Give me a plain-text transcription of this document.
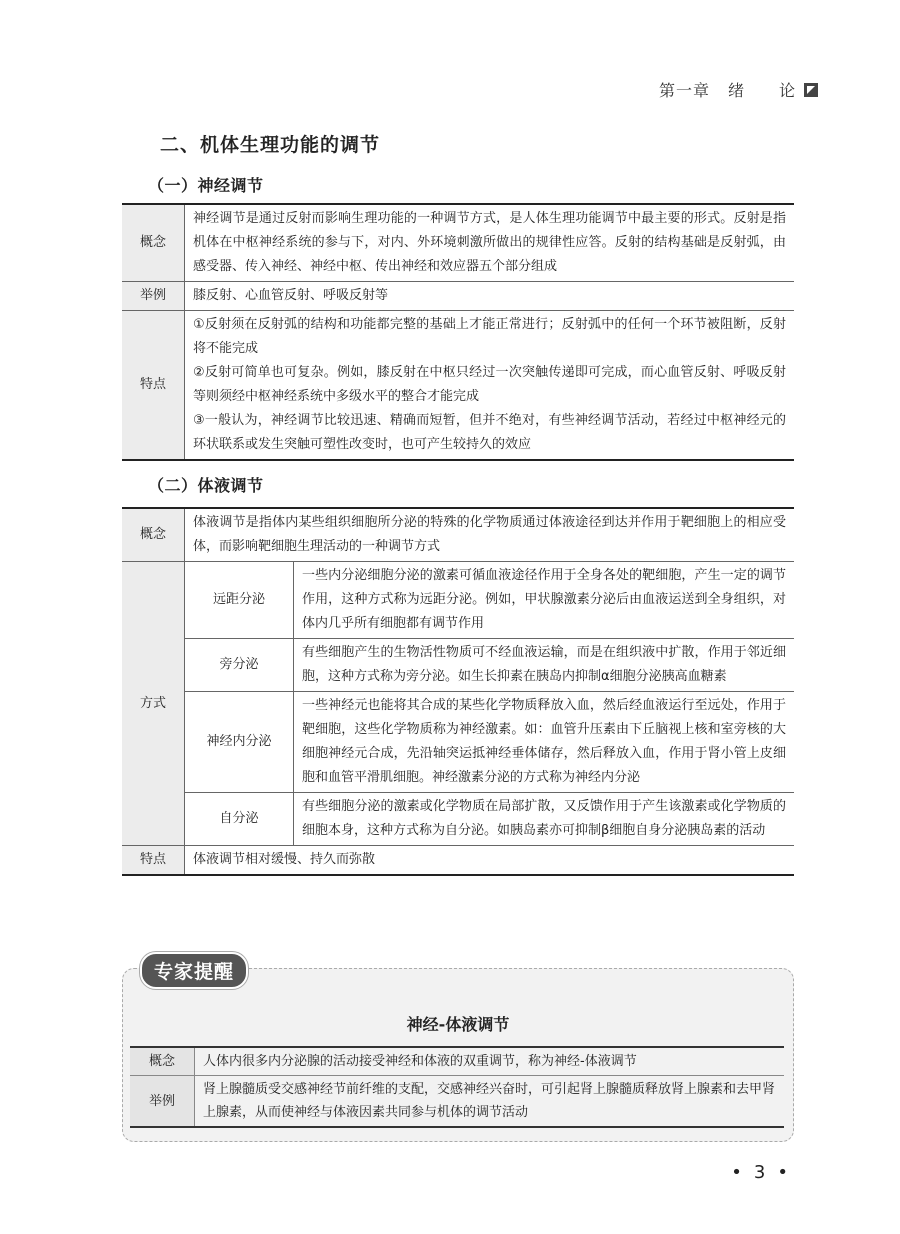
第一章 绪　　论
二、机体生理功能的调节
（一）神经调节
概念	神经调节是通过反射而影响生理功能的一种调节方式，是人体生理功能调节中最主要的形式。反射是指机体在中枢神经系统的参与下，对内、外环境刺激所做出的规律性应答。反射的结构基础是反射弧，由感受器、传入神经、神经中枢、传出神经和效应器五个部分组成
举例	膝反射、心血管反射、呼吸反射等
特点	①反射须在反射弧的结构和功能都完整的基础上才能正常进行；反射弧中的任何一个环节被阻断，反射将不能完成
②反射可简单也可复杂。例如，膝反射在中枢只经过一次突触传递即可完成，而心血管反射、呼吸反射等则须经中枢神经系统中多级水平的整合才能完成
③一般认为，神经调节比较迅速、精确而短暂，但并不绝对，有些神经调节活动，若经过中枢神经元的环状联系或发生突触可塑性改变时，也可产生较持久的效应
（二）体液调节
概念	体液调节是指体内某些组织细胞所分泌的特殊的化学物质通过体液途径到达并作用于靶细胞上的相应受体，而影响靶细胞生理活动的一种调节方式	
方式	远距分泌	一些内分泌细胞分泌的激素可循血液途径作用于全身各处的靶细胞，产生一定的调节作用，这种方式称为远距分泌。例如，甲状腺激素分泌后由血液运送到全身组织，对体内几乎所有细胞都有调节作用
	旁分泌	有些细胞产生的生物活性物质可不经血液运输，而是在组织液中扩散，作用于邻近细胞，这种方式称为旁分泌。如生长抑素在胰岛内抑制α细胞分泌胰高血糖素
	神经内分泌	一些神经元也能将其合成的某些化学物质释放入血，然后经血液运行至远处，作用于靶细胞，这些化学物质称为神经激素。如：血管升压素由下丘脑视上核和室旁核的大细胞神经元合成，先沿轴突运抵神经垂体储存，然后释放入血，作用于肾小管上皮细胞和血管平滑肌细胞。神经激素分泌的方式称为神经内分泌
	自分泌	有些细胞分泌的激素或化学物质在局部扩散，又反馈作用于产生该激素或化学物质的细胞本身，这种方式称为自分泌。如胰岛素亦可抑制β细胞自身分泌胰岛素的活动
特点	体液调节相对缓慢、持久而弥散	
专家提醒
神经-体液调节
概念	人体内很多内分泌腺的活动接受神经和体液的双重调节，称为神经-体液调节
举例	肾上腺髓质受交感神经节前纤维的支配，交感神经兴奋时，可引起肾上腺髓质释放肾上腺素和去甲肾上腺素，从而使神经与体液因素共同参与机体的调节活动
•3•
